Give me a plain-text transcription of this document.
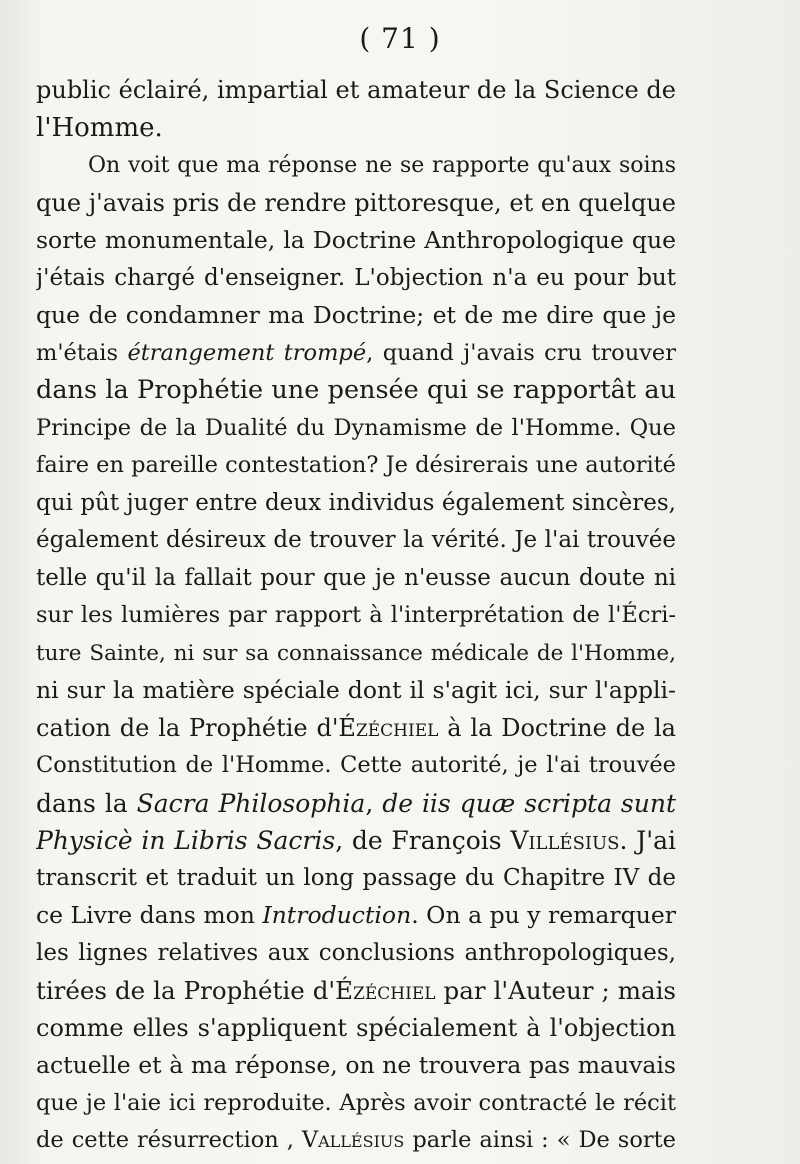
( 71 )
public éclairé, impartial et amateur de la Science de
l'Homme.
On voit que ma réponse ne se rapporte qu'aux soins
que j'avais pris de rendre pittoresque, et en quelque
sorte monumentale, la Doctrine Anthropologique que
j'étais chargé d'enseigner. L'objection n'a eu pour but
que de condamner ma Doctrine; et de me dire que je
m'étais étrangement trompé, quand j'avais cru trouver
dans la Prophétie une pensée qui se rapportât au
Principe de la Dualité du Dynamisme de l'Homme. Que
faire en pareille contestation? Je désirerais une autorité
qui pût juger entre deux individus également sincères,
également désireux de trouver la vérité. Je l'ai trouvée
telle qu'il la fallait pour que je n'eusse aucun doute ni
sur les lumières par rapport à l'interprétation de l'Écri-
ture Sainte, ni sur sa connaissance médicale de l'Homme,
ni sur la matière spéciale dont il s'agit ici, sur l'appli-
cation de la Prophétie d'Ézéchiel à la Doctrine de la
Constitution de l'Homme. Cette autorité, je l'ai trouvée
dans la Sacra Philosophia, de iis quæ scripta sunt
Physicè in Libris Sacris, de François Villésius. J'ai
transcrit et traduit un long passage du Chapitre IV de
ce Livre dans mon Introduction. On a pu y remarquer
les lignes relatives aux conclusions anthropologiques,
tirées de la Prophétie d'Ézéchiel par l'Auteur ; mais
comme elles s'appliquent spécialement à l'objection
actuelle et à ma réponse, on ne trouvera pas mauvais
que je l'aie ici reproduite. Après avoir contracté le récit
de cette résurrection , Vallésius parle ainsi : « De sorte
